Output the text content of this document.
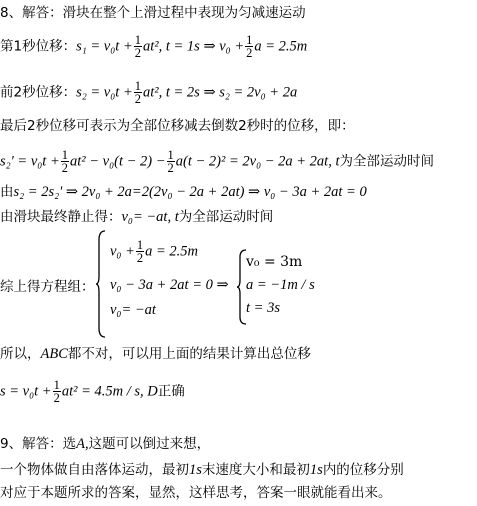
8、解答：滑块在整个上滑过程中表现为匀减速运动
第1秒位移：$s_1 = v_0t + \frac{1}{2} at^2$, t = 1s ⇒ $v_0 + \frac{1}{2}$ a = 2.5m
前2秒位移：$s_2 = v_0t + \frac{1}{2} at^2$, t = 2s ⇒ s₂ = 2v₀ + 2a
最后2秒位移可表示为全部位移减去倒数2秒时的位移，即：
$s_2' = v_0t + \frac{1}{2} at^2 - v_0(t - 2) - \frac{1}{2} a(t - 2)^2 = 2v_0 - 2a + 2at$, t为全部运动时间
由s₂ = 2s₂' ⇒ 2v₀ + 2a=2(2v₀ − 2a + 2at) ⇒ v₀ − 3a + 2at = 0
由滑块最终静止得：v₀= −at, t为全部运动时间
综上得方程组：
$v_0 + \frac{1}{2}$ a = 2.5m
v₀ − 3a + 2at = 0 ⇒
v₀= −at
v₀ = 3m
a = −1m / s
t = 3s
所以，ABC都不对，可以用上面的结果计算出总位移
$s = v_0t + \frac{1}{2} at^2 = 4.5m / s$, D正确
9、解答：选A,这题可以倒过来想，
一个物体做自由落体运动，最初1s末速度大小和最初1s内的位移分别
对应于本题所求的答案，显然，这样思考，答案一眼就能看出来。
